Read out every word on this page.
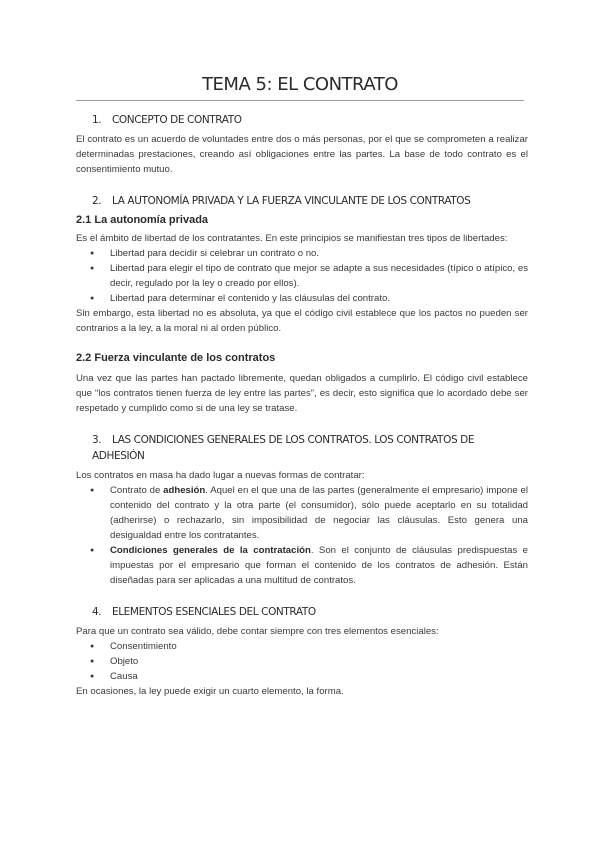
TEMA 5: EL CONTRATO
1. CONCEPTO DE CONTRATO

El contrato es un acuerdo de voluntades entre dos o más personas, por el que se comprometen a realizar determinadas prestaciones, creando así obligaciones entre las partes. La base de todo contrato es el consentimiento mutuo.

2. LA AUTONOMÍA PRIVADA Y LA FUERZA VINCULANTE DE LOS CONTRATOS
2.1 La autonomía privada

Es el ámbito de libertad de los contratantes. En este principios se manifiestan tres tipos de libertades:

● Libertad para decidir si celebrar un contrato o no.
● Libertad para elegir el tipo de contrato que mejor se adapte a sus necesidades (típico o atípico, es decir, regulado por la ley o creado por ellos).
● Libertad para determinar el contenido y las cláusulas del contrato.

Sin embargo, esta libertad no es absoluta, ya que el código civil establece que los pactos no pueden ser contrarios a la ley, a la moral ni al orden público.

2.2 Fuerza vinculante de los contratos

Una vez que las partes han pactado libremente, quedan obligados a cumplirlo. El código civil establece que “los contratos tienen fuerza de ley entre las partes”, es decir, esto significa que lo acordado debe ser respetado y cumplido como si de una ley se tratase.

3. LAS CONDICIONES GENERALES DE LOS CONTRATOS. LOS CONTRATOS DE ADHESIÓN

Los contratos en masa ha dado lugar a nuevas formas de contratar:

● Contrato de adhesión. Aquel en el que una de las partes (generalmente el empresario) impone el contenido del contrato y la otra parte (el consumidor), sólo puede aceptarlo en su totalidad (adherirse) o rechazarlo, sin imposibilidad de negociar las cláusulas. Esto genera una desigualdad entre los contratantes.
● Condiciones generales de la contratación. Son el conjunto de cláusulas predispuestas e impuestas por el empresario que forman el contenido de los contratos de adhesión. Están diseñadas para ser aplicadas a una multitud de contratos.
4. ELEMENTOS ESENCIALES DEL CONTRATO

Para que un contrato sea válido, debe contar siempre con tres elementos esenciales:

● Consentimiento
● Objeto
● Causa

En ocasiones, la ley puede exigir un cuarto elemento, la forma.
